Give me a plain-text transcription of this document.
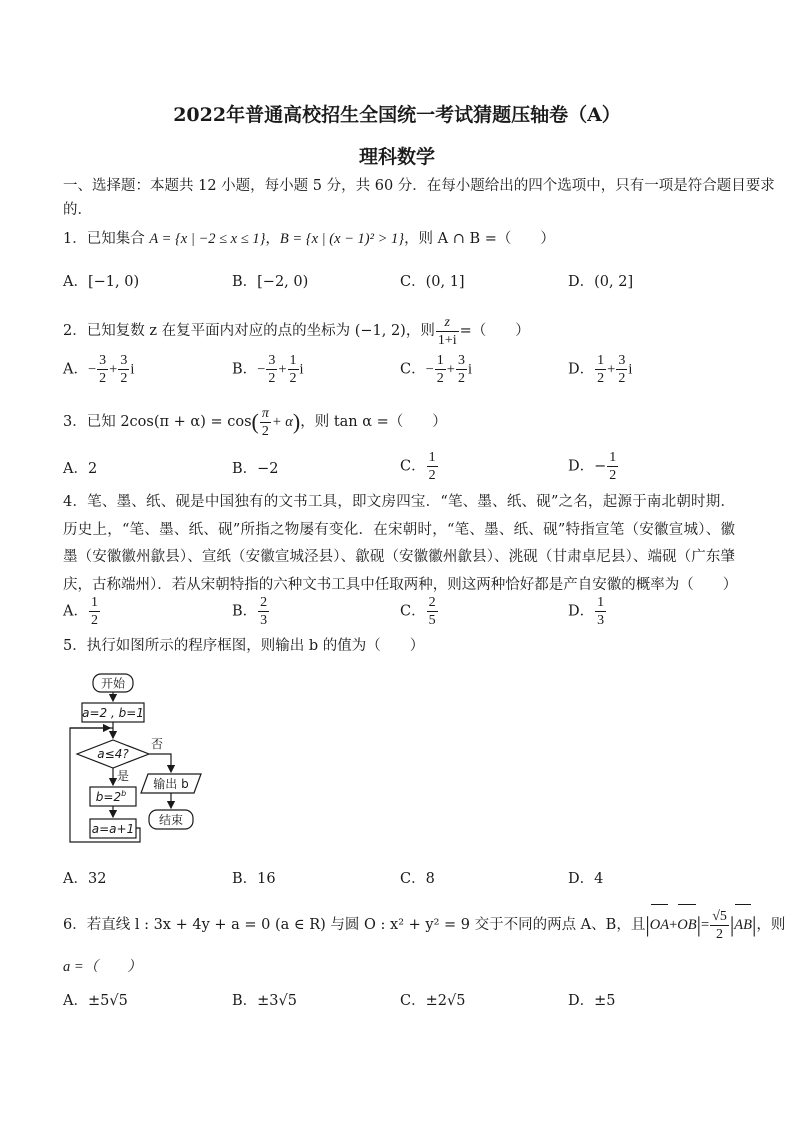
2022年普通高校招生全国统一考试猜题压轴卷（A）
理科数学
一、选择题：本题共 12 小题，每小题 5 分，共 60 分．在每小题给出的四个选项中，只有一项是符合题目要求
的．
1．已知集合 A = {x | −2 ≤ x ≤ 1}，B = {x | (x − 1)² > 1}，则 A ∩ B =（　　）
A．[−1, 0)	B．[−2, 0)	C．(0, 1]	D．(0, 2]
2．已知复数 z 在复平面内对应的点的坐标为 (−1, 2)，则 $\frac{z}{1+i}$ =（　　）
A．− $\frac{3}{2} + \frac{3}{2}$ i	B．− $\frac{3}{2} + \frac{1}{2}$ i	C．− $\frac{1}{2} + \frac{3}{2}$ i	D． $\frac{1}{2} + \frac{3}{2}$ i
3．已知 $2\cos(\pi + \alpha) = \cos( \frac{\pi}{2} + \alpha)$，则 tan α =（　　）
A．2	B．−2	C． $\frac{1}{2}$	D．− $\frac{1}{2}$
4．笔、墨、纸、砚是中国独有的文书工具，即文房四宝．“笔、墨、纸、砚”之名，起源于南北朝时期．历史上，“笔、墨、纸、砚”所指之物屡有变化．在宋朝时，“笔、墨、纸、砚”特指宣笔（安徽宣城）、徽墨（安徽徽州歙县）、宣纸（安徽宣城泾县）、歙砚（安徽徽州歙县）、洮砚（甘肃卓尼县）、端砚（广东肇庆，古称端州）．若从宋朝特指的六种文书工具中任取两种，则这两种恰好都是产自安徽的概率为（　　）
A． $\frac{1}{2}$	B． $\frac{2}{3}$	C． $\frac{2}{5}$	D． $\frac{1}{3}$
5．执行如图所示的程序框图，则输出 b 的值为（　　）
开始
a=2 , b=1
a≤4?
否
是
$b=2^b$
a=a+1
输出 b
结束
A．32	B．16	C．8	D．4
6．若直线 l : 3x + 4y + a = 0 (a ∈ R) 与圆 O : x² + y² = 9 交于不同的两点 A、B，且$|OA+OB|= \frac{√5}{2} |AB|$，则
a =（　　）
A．±5√5	B．±3√5	C．±2√5	D．±5
